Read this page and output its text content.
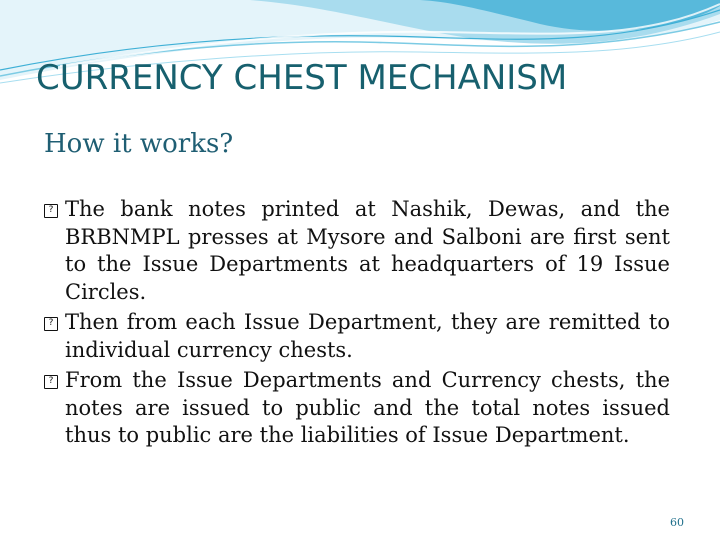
CURRENCY CHEST MECHANISM
How it works?
? The bank notes printed at Nashik, Dewas, and the BRBNMPL presses at Mysore and Salboni are first sent to the Issue Departments at headquarters of 19 Issue Circles.
? Then from each Issue Department, they are remitted to individual currency chests.
? From the Issue Departments and Currency chests, the notes are issued to public and the total notes issued thus to public are the liabilities of Issue Department.
60
